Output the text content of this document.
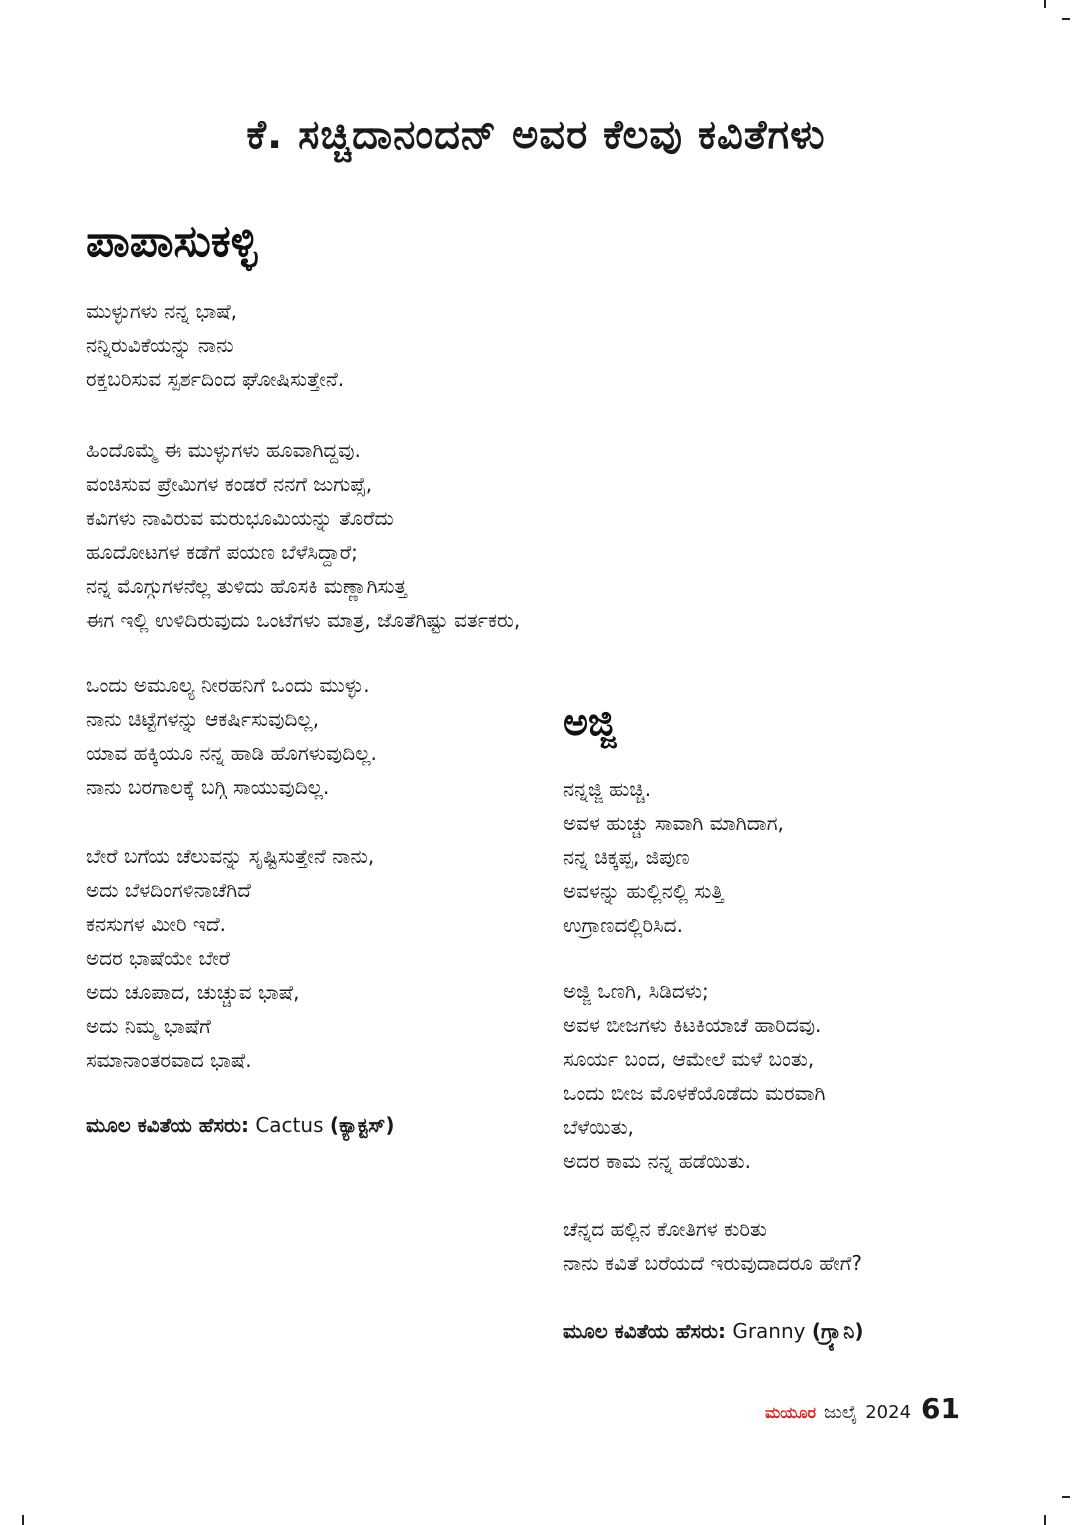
ಕೆ. ಸಚ್ಚಿದಾನಂದನ್ ಅವರ ಕೆಲವು ಕವಿತೆಗಳು
ಪಾಪಾಸುಕಳ್ಳಿ
ಮುಳ್ಳುಗಳು ನನ್ನ ಭಾಷೆ,
ನನ್ನಿರುವಿಕೆಯನ್ನು ನಾನು
ರಕ್ತಬರಿಸುವ ಸ್ಪರ್ಶದಿಂದ ಘೋಷಿಸುತ್ತೇನೆ.
ಹಿಂದೊಮ್ಮೆ ಈ ಮುಳ್ಳುಗಳು ಹೂವಾಗಿದ್ದವು.
ವಂಚಿಸುವ ಪ್ರೇಮಿಗಳ ಕಂಡರೆ ನನಗೆ ಜುಗುಪ್ಸೆ,
ಕವಿಗಳು ನಾವಿರುವ ಮರುಭೂಮಿಯನ್ನು ತೊರೆದು
ಹೂದೋಟಗಳ ಕಡೆಗೆ ಪಯಣ ಬೆಳೆಸಿದ್ದಾರೆ;
ನನ್ನ ಮೊಗ್ಗುಗಳನೆಲ್ಲ ತುಳಿದು ಹೊಸಕಿ ಮಣ್ಣಾಗಿಸುತ್ತ
ಈಗ ಇಲ್ಲಿ ಉಳಿದಿರುವುದು ಒಂಟೆಗಳು ಮಾತ್ರ, ಜೊತೆಗಿಷ್ಟು ವರ್ತಕರು,
ಒಂದು ಅಮೂಲ್ಯ ನೀರಹನಿಗೆ ಒಂದು ಮುಳ್ಳು.
ನಾನು ಚಿಟ್ಟೆಗಳನ್ನು ಆಕರ್ಷಿಸುವುದಿಲ್ಲ,
ಯಾವ ಹಕ್ಕಿಯೂ ನನ್ನ ಹಾಡಿ ಹೊಗಳುವುದಿಲ್ಲ.
ನಾನು ಬರಗಾಲಕ್ಕೆ ಬಗ್ಗಿ ಸಾಯುವುದಿಲ್ಲ.
ಬೇರೆ ಬಗೆಯ ಚೆಲುವನ್ನು ಸೃಷ್ಟಿಸುತ್ತೇನೆ ನಾನು,
ಅದು ಬೆಳದಿಂಗಳಿನಾಚೆಗಿದೆ
ಕನಸುಗಳ ಮೀರಿ ಇದೆ.
ಅದರ ಭಾಷೆಯೇ ಬೇರೆ
ಅದು ಚೂಪಾದ, ಚುಚ್ಚುವ ಭಾಷೆ,
ಅದು ನಿಮ್ಮ ಭಾಷೆಗೆ
ಸಮಾನಾಂತರವಾದ ಭಾಷೆ.
ಮೂಲ ಕವಿತೆಯ ಹೆಸರು: Cactus (ಕ್ಯಾಕ್ಟಸ್)
ಅಜ್ಜಿ
ನನ್ನಜ್ಜಿ ಹುಚ್ಚಿ.
ಅವಳ ಹುಚ್ಚು ಸಾವಾಗಿ ಮಾಗಿದಾಗ,
ನನ್ನ ಚಿಕ್ಕಪ್ಪ, ಜಿಪುಣ
ಅವಳನ್ನು ಹುಲ್ಲಿನಲ್ಲಿ ಸುತ್ತಿ
ಉಗ್ರಾಣದಲ್ಲಿರಿಸಿದ.
ಅಜ್ಜಿ ಒಣಗಿ, ಸಿಡಿದಳು;
ಅವಳ ಬೀಜಗಳು ಕಿಟಕಿಯಾಚೆ ಹಾರಿದವು.
ಸೂರ್ಯ ಬಂದ, ಆಮೇಲೆ ಮಳೆ ಬಂತು,
ಒಂದು ಬೀಜ ಮೊಳಕೆಯೊಡೆದು ಮರವಾಗಿ
ಬೆಳೆಯಿತು,
ಅದರ ಕಾಮ ನನ್ನ ಹಡೆಯಿತು.
ಚೆನ್ನದ ಹಲ್ಲಿನ ಕೋತಿಗಳ ಕುರಿತು
ನಾನು ಕವಿತೆ ಬರೆಯದೆ ಇರುವುದಾದರೂ ಹೇಗೆ?
ಮೂಲ ಕವಿತೆಯ ಹೆಸರು: Granny (ಗ್ರ್ಯಾನಿ)
ಮಯೂರ ಜುಲೈ 2024 61
